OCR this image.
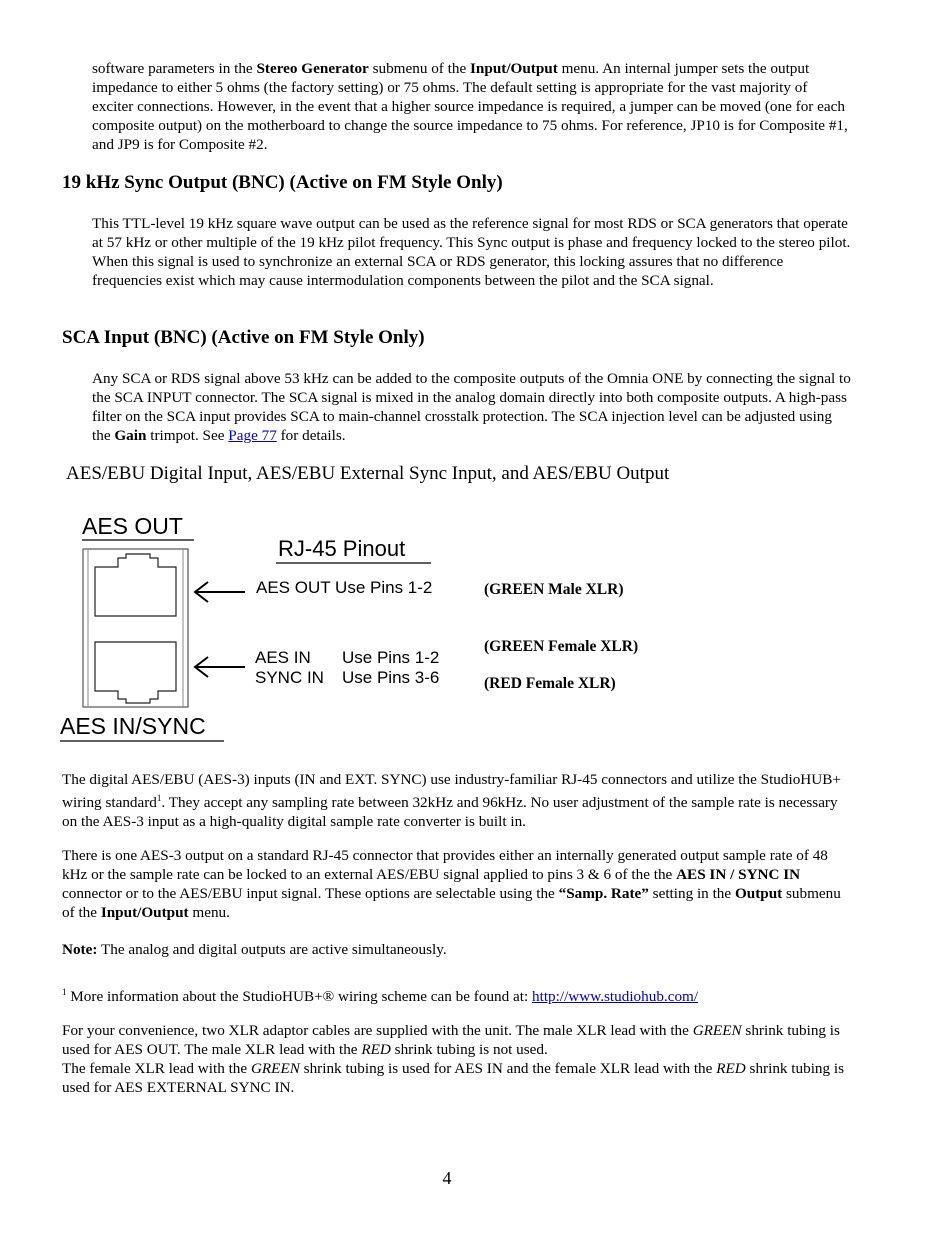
software parameters in the Stereo Generator submenu of the Input/Output menu. An internal jumper sets the output impedance to either 5 ohms (the factory setting) or 75 ohms. The default setting is appropriate for the vast majority of exciter connections. However, in the event that a higher source impedance is required, a jumper can be moved (one for each composite output) on the motherboard to change the source impedance to 75 ohms. For reference, JP10 is for Composite #1, and JP9 is for Composite #2.

19 kHz Sync Output (BNC) (Active on FM Style Only)

This TTL-level 19 kHz square wave output can be used as the reference signal for most RDS or SCA generators that operate at 57 kHz or other multiple of the 19 kHz pilot frequency. This Sync output is phase and frequency locked to the stereo pilot. When this signal is used to synchronize an external SCA or RDS generator, this locking assures that no difference frequencies exist which may cause intermodulation components between the pilot and the SCA signal.

SCA Input (BNC) (Active on FM Style Only)

Any SCA or RDS signal above 53 kHz can be added to the composite outputs of the Omnia ONE by connecting the signal to the SCA INPUT connector. The SCA signal is mixed in the analog domain directly into both composite outputs. A high-pass filter on the SCA input provides SCA to main-channel crosstalk protection. The SCA injection level can be adjusted using the Gain trimpot. See Page 77 for details.

AES/EBU Digital Input, AES/EBU External Sync Input, and AES/EBU Output
AES OUT
RJ-45 Pinout
AES OUT Use Pins 1-2
AES IN Use Pins 1-2
SYNC IN Use Pins 3-6
AES IN/SYNC
(GREEN Male XLR)
(GREEN Female XLR)
(RED Female XLR)

The digital AES/EBU (AES-3) inputs (IN and EXT. SYNC) use industry-familiar RJ-45 connectors and utilize the StudioHUB+ wiring standard$^1$. They accept any sampling rate between 32kHz and 96kHz. No user adjustment of the sample rate is necessary on the AES-3 input as a high-quality digital sample rate converter is built in.

There is one AES-3 output on a standard RJ-45 connector that provides either an internally generated output sample rate of 48 kHz or the sample rate can be locked to an external AES/EBU signal applied to pins 3 & 6 of the the AES IN / SYNC IN connector or to the AES/EBU input signal. These options are selectable using the “Samp. Rate” setting in the Output submenu of the Input/Output menu.

Note: The analog and digital outputs are active simultaneously.

$^1$ More information about the StudioHUB+® wiring scheme can be found at: http://www.studiohub.com/

For your convenience, two XLR adaptor cables are supplied with the unit. The male XLR lead with the GREEN shrink tubing is used for AES OUT. The male XLR lead with the RED shrink tubing is not used.
The female XLR lead with the GREEN shrink tubing is used for AES IN and the female XLR lead with the RED shrink tubing is used for AES EXTERNAL SYNC IN.

4
